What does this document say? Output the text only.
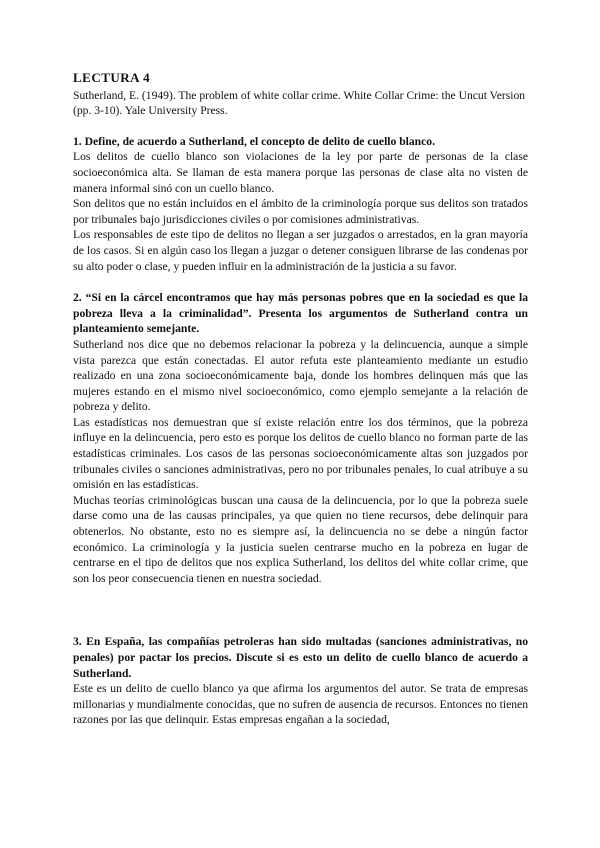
LECTURA 4
Sutherland, E. (1949). The problem of white collar crime. White Collar Crime: the Uncut Version (pp. 3-10). Yale University Press.
1. Define, de acuerdo a Sutherland, el concepto de delito de cuello blanco.
Los delitos de cuello blanco son violaciones de la ley por parte de personas de la clase socioeconómica alta. Se llaman de esta manera porque las personas de clase alta no visten de manera informal sinó con un cuello blanco.
Son delitos que no están incluidos en el ámbito de la criminología porque sus delitos son tratados por tribunales bajo jurisdicciones civiles o por comisiones administrativas.
Los responsables de este tipo de delitos no llegan a ser juzgados o arrestados, en la gran mayoría de los casos. Si en algún caso los llegan a juzgar o detener consiguen librarse de las condenas por su alto poder o clase, y pueden influir en la administración de la justicia a su favor.
2. “Si en la cárcel encontramos que hay más personas pobres que en la sociedad es que la pobreza lleva a la criminalidad”. Presenta los argumentos de Sutherland contra un planteamiento semejante.
Sutherland nos dice que no debemos relacionar la pobreza y la delincuencia, aunque a simple vista parezca que están conectadas. El autor refuta este planteamiento mediante un estudio realizado en una zona socioeconómicamente baja, donde los hombres delinquen más que las mujeres estando en el mismo nivel socioeconómico, como ejemplo semejante a la relación de pobreza y delito.
Las estadísticas nos demuestran que sí existe relación entre los dos términos, que la pobreza influye en la delincuencia, pero esto es porque los delitos de cuello blanco no forman parte de las estadísticas criminales. Los casos de las personas socioeconómicamente altas son juzgados por tribunales civiles o sanciones administrativas, pero no por tribunales penales, lo cual atribuye a su omisión en las estadísticas.
Muchas teorías criminológicas buscan una causa de la delincuencia, por lo que la pobreza suele darse como una de las causas principales, ya que quien no tiene recursos, debe delinquir para obtenerlos. No obstante, esto no es siempre así, la delincuencia no se debe a ningún factor económico. La criminología y la justicia suelen centrarse mucho en la pobreza en lugar de centrarse en el tipo de delitos que nos explica Sutherland, los delitos del white collar crime, que son los peor consecuencia tienen en nuestra sociedad.
3. En España, las compañías petroleras han sido multadas (sanciones administrativas, no penales) por pactar los precios. Discute si es esto un delito de cuello blanco de acuerdo a Sutherland.
Este es un delito de cuello blanco ya que afirma los argumentos del autor. Se trata de empresas millonarias y mundialmente conocidas, que no sufren de ausencia de recursos. Entonces no tienen razones por las que delinquir. Estas empresas engañan a la sociedad,
